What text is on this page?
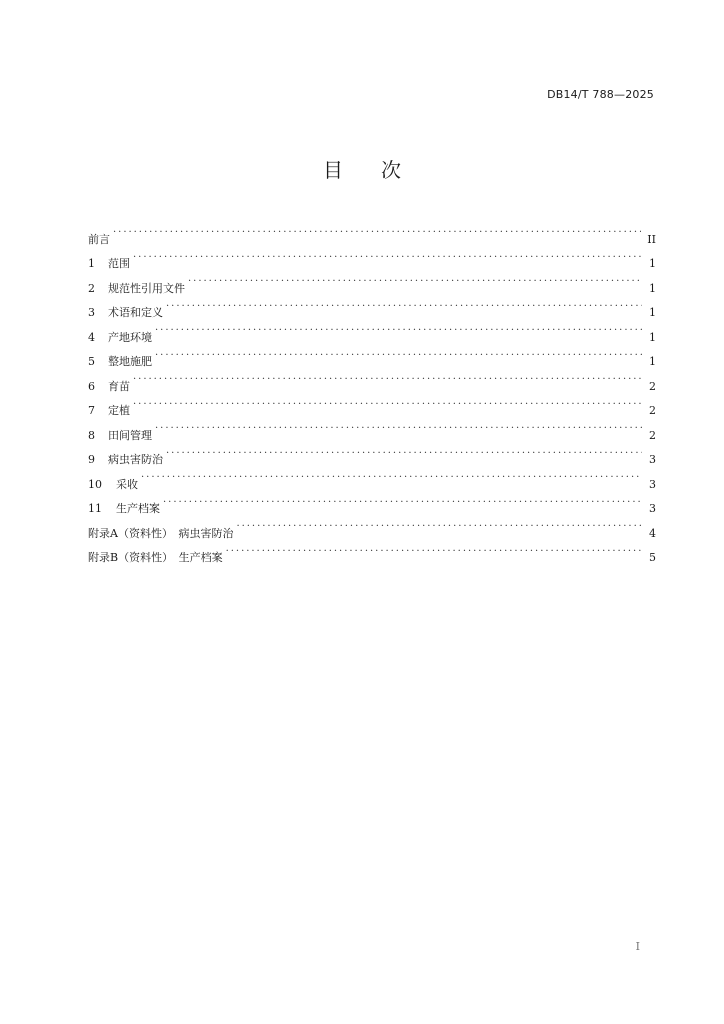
DB14/T 788—2025
目次
前言 . . .	II
1	范围 . . .	1
2	规范性引用文件 . . .	1
3	术语和定义 . . .	1
4	产地环境 . . .	1
5	整地施肥 . . .	1
6	育苗 . . .	2
7	定植 . . .	2
8	田间管理 . . .	2
9	病虫害防治 . . .	3
10	采收 . . .	3
11	生产档案 . . .	3
附录A（资料性）　病虫害防治 . . .	4
附录B（资料性）　生产档案 . . .	5
I
